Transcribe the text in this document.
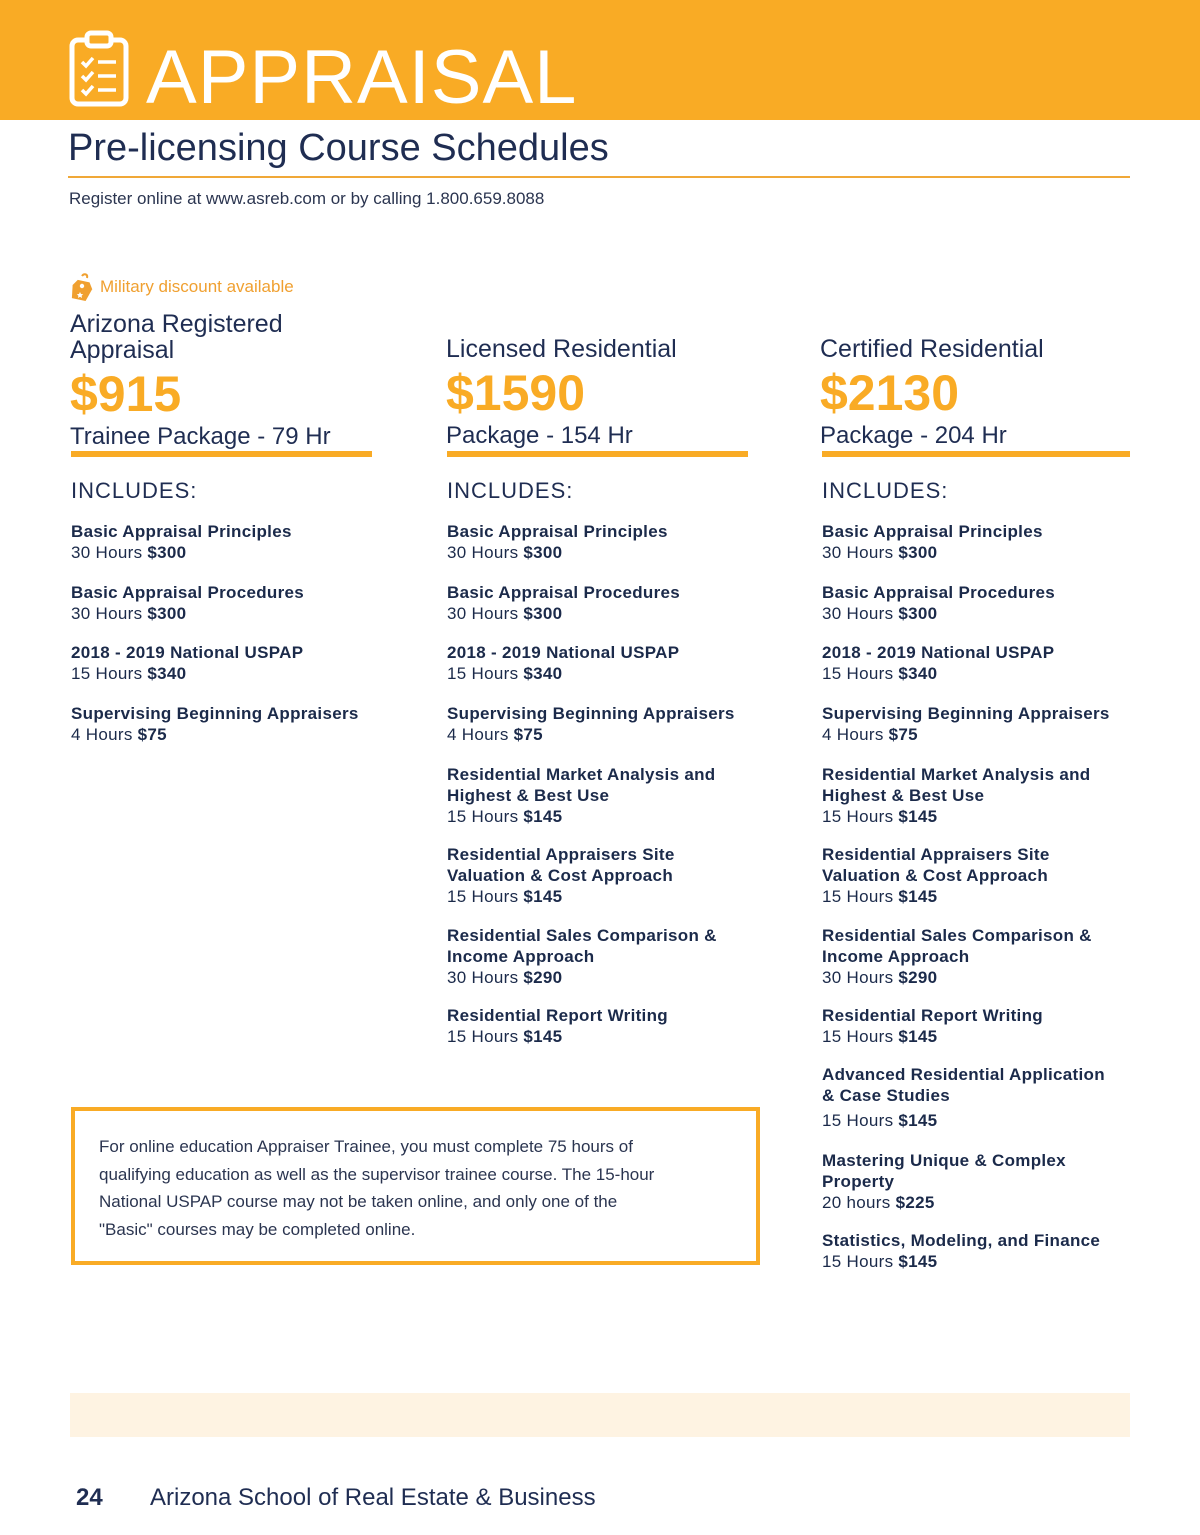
APPRAISAL
Pre-licensing Course Schedules
Register online at www.asreb.com or by calling 1.800.659.8088
Military discount available
Arizona Registered
Appraisal
$915
Trainee Package - 79 Hr
Licensed Residential
$1590
Package - 154 Hr
Certified Residential
$2130
Package - 204 Hr
INCLUDES:	INCLUDES:	INCLUDES:
Basic Appraisal Principles
30 Hours $300
Basic Appraisal Procedures
30 Hours $300
2018 - 2019 National USPAP
15 Hours $340
Supervising Beginning Appraisers
4 Hours $75
Basic Appraisal Principles
30 Hours $300
Basic Appraisal Procedures
30 Hours $300
2018 - 2019 National USPAP
15 Hours $340
Supervising Beginning Appraisers
4 Hours $75
Residential Market Analysis and
Highest & Best Use
15 Hours $145
Residential Appraisers Site
Valuation & Cost Approach
15 Hours $145
Residential Sales Comparison &
Income Approach
30 Hours $290
Residential Report Writing
15 Hours $145
Basic Appraisal Principles
30 Hours $300
Basic Appraisal Procedures
30 Hours $300
2018 - 2019 National USPAP
15 Hours $340
Supervising Beginning Appraisers
4 Hours $75
Residential Market Analysis and
Highest & Best Use
15 Hours $145
Residential Appraisers Site
Valuation & Cost Approach
15 Hours $145
Residential Sales Comparison &
Income Approach
30 Hours $290
Residential Report Writing
15 Hours $145
Advanced Residential Application
& Case Studies
15 Hours $145
Mastering Unique & Complex
Property
20 hours $225
Statistics, Modeling, and Finance
15 Hours $145
For online education Appraiser Trainee, you must complete 75 hours of
qualifying education as well as the supervisor trainee course. The 15-hour
National USPAP course may not be taken online, and only one of the
"Basic" courses may be completed online.
24 Arizona School of Real Estate & Business
